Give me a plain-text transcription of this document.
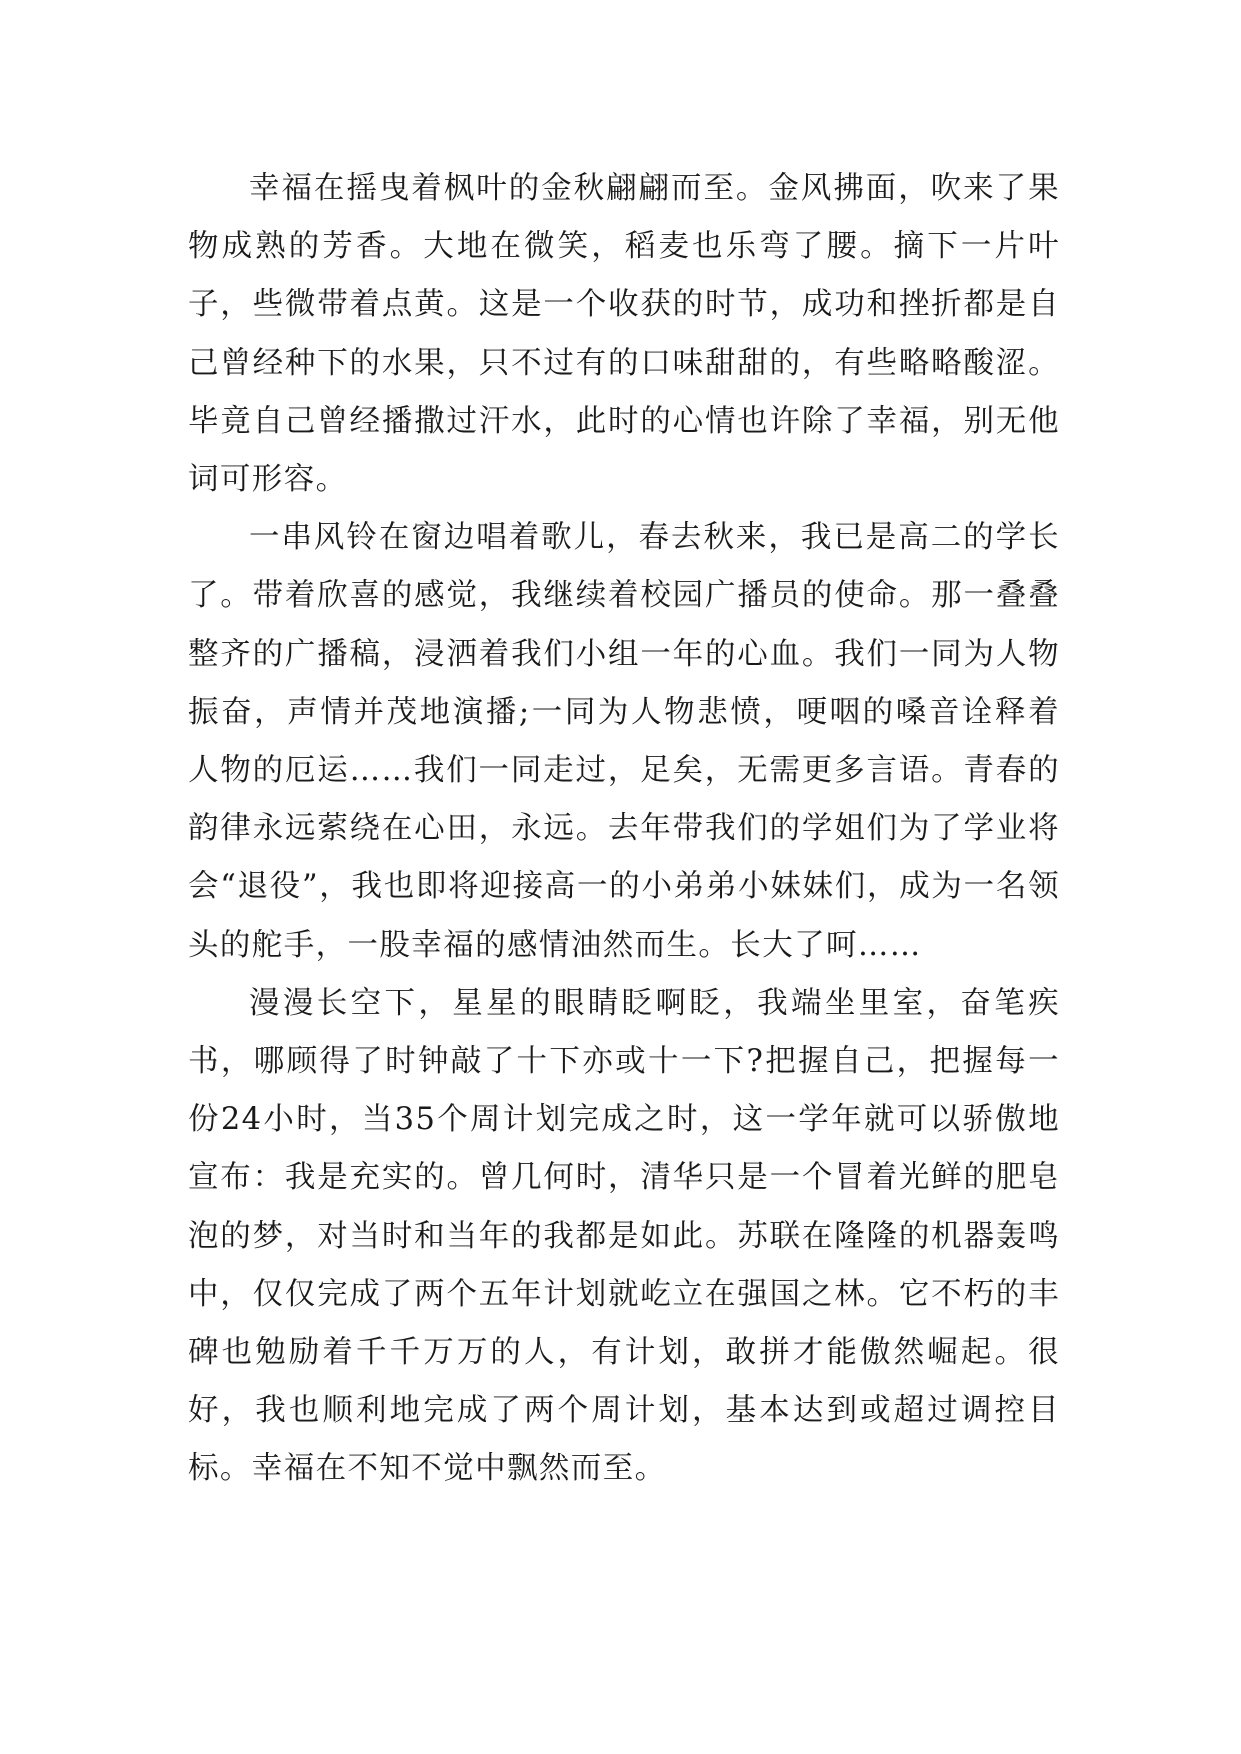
幸福在摇曳着枫叶的金秋翩翩而至。金风拂面，吹来了果物成熟的芳香。大地在微笑，稻麦也乐弯了腰。摘下一片叶子，些微带着点黄。这是一个收获的时节，成功和挫折都是自己曾经种下的水果，只不过有的口味甜甜的，有些略略酸涩。毕竟自己曾经播撒过汗水，此时的心情也许除了幸福，别无他词可形容。

一串风铃在窗边唱着歌儿，春去秋来，我已是高二的学长了。带着欣喜的感觉，我继续着校园广播员的使命。那一叠叠整齐的广播稿，浸洒着我们小组一年的心血。我们一同为人物振奋，声情并茂地演播;一同为人物悲愤，哽咽的嗓音诠释着人物的厄运……我们一同走过，足矣，无需更多言语。青春的韵律永远萦绕在心田，永远。去年带我们的学姐们为了学业将会“退役”，我也即将迎接高一的小弟弟小妹妹们，成为一名领头的舵手，一股幸福的感情油然而生。长大了呵……

漫漫长空下，星星的眼睛眨啊眨，我端坐里室，奋笔疾书，哪顾得了时钟敲了十下亦或十一下?把握自己，把握每一份24小时，当35个周计划完成之时，这一学年就可以骄傲地宣布：我是充实的。曾几何时，清华只是一个冒着光鲜的肥皂泡的梦，对当时和当年的我都是如此。苏联在隆隆的机器轰鸣中，仅仅完成了两个五年计划就屹立在强国之林。它不朽的丰碑也勉励着千千万万的人，有计划，敢拼才能傲然崛起。很好，我也顺利地完成了两个周计划，基本达到或超过调控目标。幸福在不知不觉中飘然而至。
